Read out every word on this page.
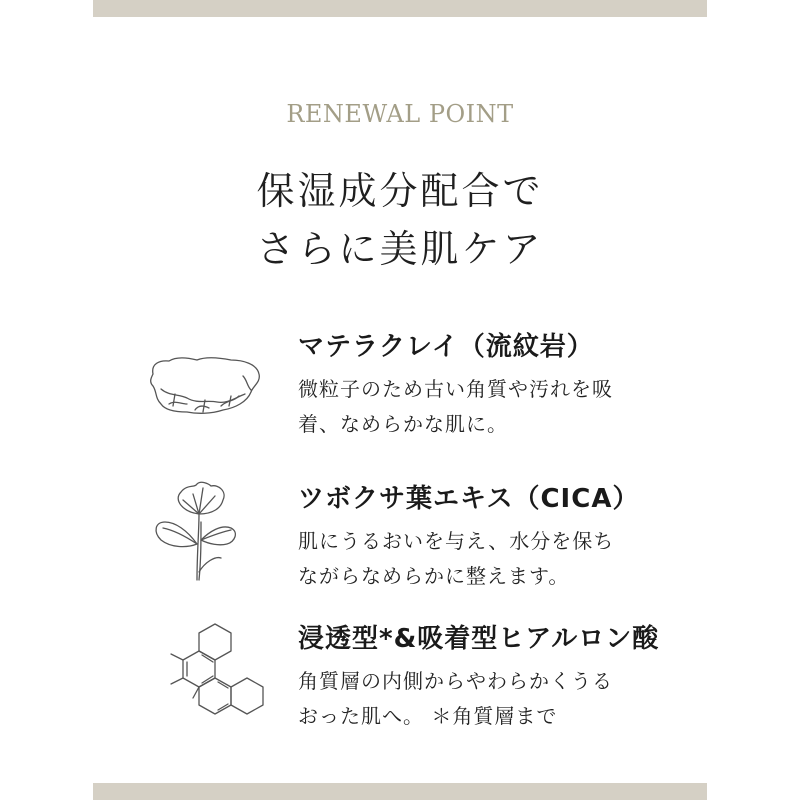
RENEWAL POINT
保湿成分配合で
さらに美肌ケア
マテラクレイ（流紋岩）
微粒子のため古い角質や汚れを吸
着、なめらかな肌に。
ツボクサ葉エキス（CICA）
肌にうるおいを与え、水分を保ち
ながらなめらかに整えます。
浸透型*&吸着型ヒアルロン酸
角質層の内側からやわらかくうる
おった肌へ。 ＊角質層まで
